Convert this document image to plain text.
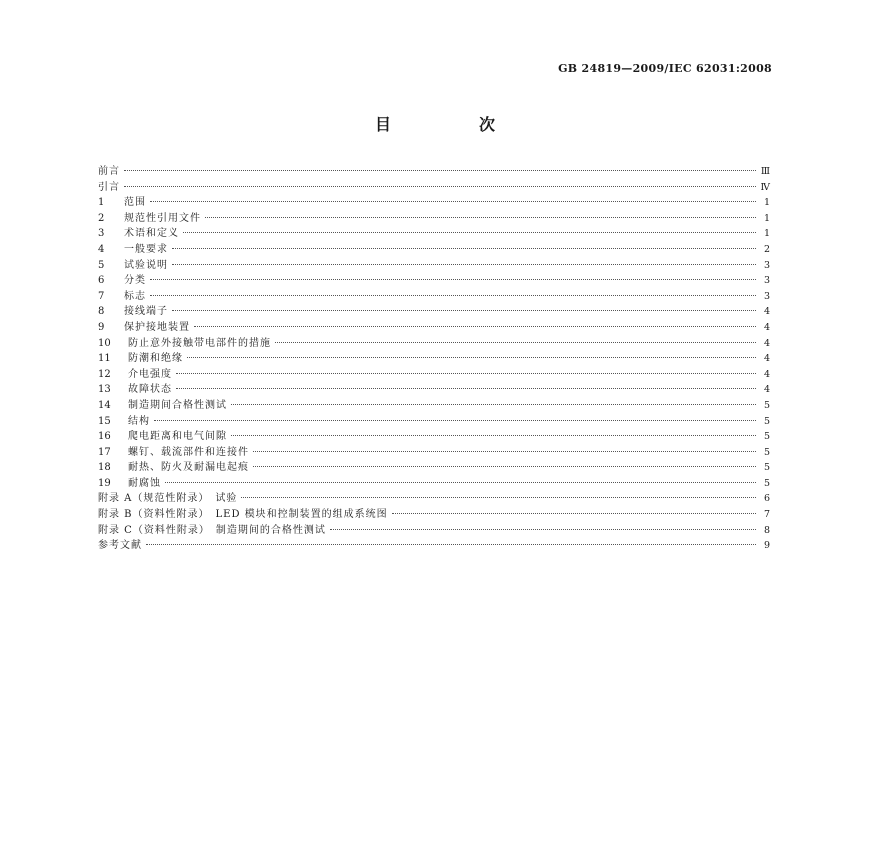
GB 24819—2009/IEC 62031:2008
目　次
前言	Ⅲ
引言	Ⅳ
1	范围	1
2	规范性引用文件	1
3	术语和定义	1
4	一般要求	2
5	试验说明	3
6	分类	3
7	标志	3
8	接线端子	4
9	保护接地装置	4
10	防止意外接触带电部件的措施	4
11	防潮和绝缘	4
12	介电强度	4
13	故障状态	4
14	制造期间合格性测试	5
15	结构	5
16	爬电距离和电气间隙	5
17	螺钉、载流部件和连接件	5
18	耐热、防火及耐漏电起痕	5
19	耐腐蚀	5
附录 A（规范性附录）　试验	6
附录 B（资料性附录）　LED 模块和控制装置的组成系统图	7
附录 C（资料性附录）　制造期间的合格性测试	8
参考文献	9
